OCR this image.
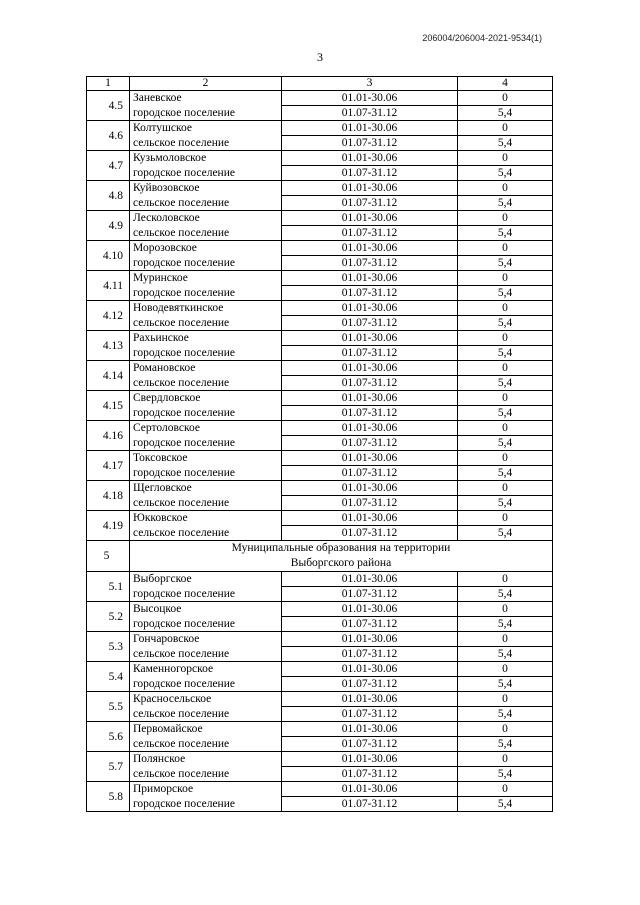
206004/206004-2021-9534(1)
3
1	2	3	4
4.5	Заневское	01.01-30.06	0
	городское поселение	01.07-31.12	5,4
4.6	Колтушское	01.01-30.06	0
	сельское поселение	01.07-31.12	5,4
4.7	Кузьмоловское	01.01-30.06	0
	городское поселение	01.07-31.12	5,4
4.8	Куйвозовское	01.01-30.06	0
	сельское поселение	01.07-31.12	5,4
4.9	Лесколовское	01.01-30.06	0
	сельское поселение	01.07-31.12	5,4
4.10	Морозовское	01.01-30.06	0
	городское поселение	01.07-31.12	5,4
4.11	Муринское	01.01-30.06	0
	городское поселение	01.07-31.12	5,4
4.12	Новодевяткинское	01.01-30.06	0
	сельское поселение	01.07-31.12	5,4
4.13	Рахьинское	01.01-30.06	0
	городское поселение	01.07-31.12	5,4
4.14	Романовское	01.01-30.06	0
	сельское поселение	01.07-31.12	5,4
4.15	Свердловское	01.01-30.06	0
	городское поселение	01.07-31.12	5,4
4.16	Сертоловское	01.01-30.06	0
	городское поселение	01.07-31.12	5,4
4.17	Токсовское	01.01-30.06	0
	городское поселение	01.07-31.12	5,4
4.18	Щегловское	01.01-30.06	0
	сельское поселение	01.07-31.12	5,4
4.19	Юкковское	01.01-30.06	0
	сельское поселение	01.07-31.12	5,4
5	Муниципальные образования на территории
Выборгского района		

5.1	Выборгское	01.01-30.06	0
	городское поселение	01.07-31.12	5,4
5.2	Высоцкое	01.01-30.06	0
	городское поселение	01.07-31.12	5,4
5.3	Гончаровское	01.01-30.06	0
	сельское поселение	01.07-31.12	5,4
5.4	Каменногорское	01.01-30.06	0
	городское поселение	01.07-31.12	5,4
5.5	Красносельское	01.01-30.06	0
	сельское поселение	01.07-31.12	5,4
5.6	Первомайское	01.01-30.06	0
	сельское поселение	01.07-31.12	5,4
5.7	Полянское	01.01-30.06	0
	сельское поселение	01.07-31.12	5,4
5.8	Приморское	01.01-30.06	0
	городское поселение	01.07-31.12	5,4
